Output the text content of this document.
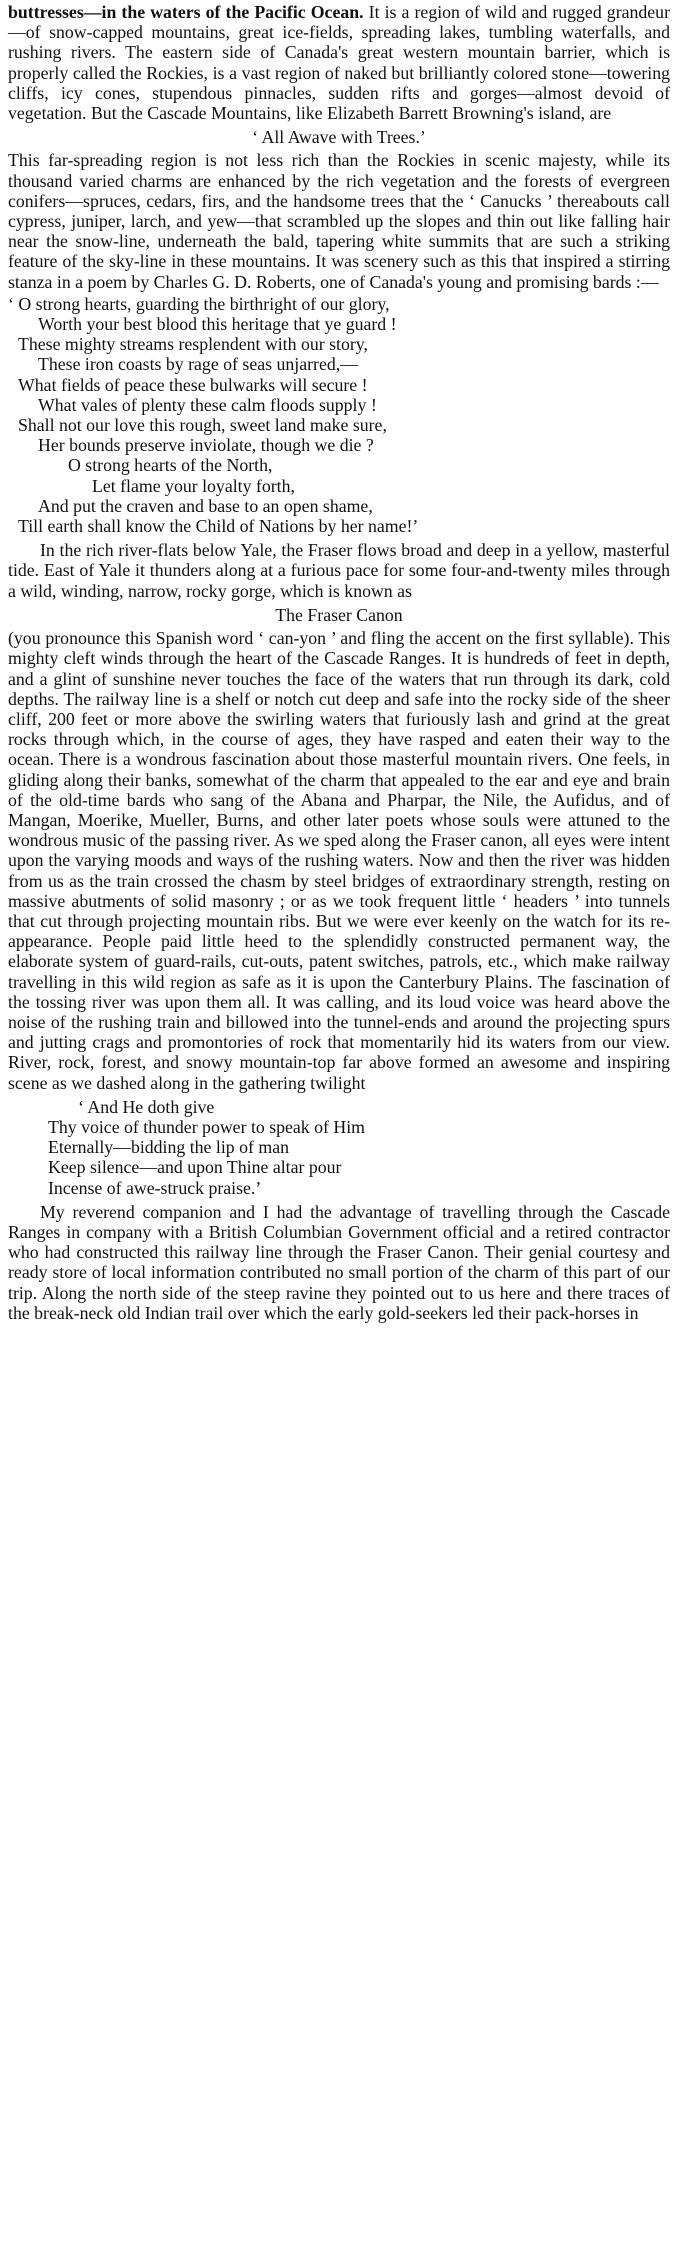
buttresses—in the waters of the Pacific Ocean. It is a region of wild and rugged grandeur—of snow-capped mountains, great ice-fields, spreading lakes, tumbling waterfalls, and rushing rivers. The eastern side of Canada's great western mountain barrier, which is properly called the Rockies, is a vast region of naked but brilliantly colored stone—towering cliffs, icy cones, stupendous pinnacles, sudden rifts and gorges—almost devoid of vegetation. But the Cascade Mountains, like Elizabeth Barrett Browning's island, are

‘ All Awave with Trees.’

This far-spreading region is not less rich than the Rockies in scenic majesty, while its thousand varied charms are enhanced by the rich vegetation and the forests of evergreen conifers—spruces, cedars, firs, and the handsome trees that the ‘ Canucks ’ thereabouts call cypress, juniper, larch, and yew—that scrambled up the slopes and thin out like falling hair near the snow-line, underneath the bald, tapering white summits that are such a striking feature of the sky-line in these mountains. It was scenery such as this that inspired a stirring stanza in a poem by Charles G. D. Roberts, one of Canada's young and promising bards :—

‘ O strong hearts, guarding the birthright of our glory,
Worth your best blood this heritage that ye guard !
These mighty streams resplendent with our story,
These iron coasts by rage of seas unjarred,—
What fields of peace these bulwarks will secure !
What vales of plenty these calm floods supply !
Shall not our love this rough, sweet land make sure,
Her bounds preserve inviolate, though we die ?
O strong hearts of the North,
Let flame your loyalty forth,
And put the craven and base to an open shame,
Till earth shall know the Child of Nations by her name!’

In the rich river-flats below Yale, the Fraser flows broad and deep in a yellow, masterful tide. East of Yale it thunders along at a furious pace for some four-and-twenty miles through a wild, winding, narrow, rocky gorge, which is known as

The Fraser Canon

(you pronounce this Spanish word ‘ can-yon ’ and fling the accent on the first syllable). This mighty cleft winds through the heart of the Cascade Ranges. It is hundreds of feet in depth, and a glint of sunshine never touches the face of the waters that run through its dark, cold depths. The railway line is a shelf or notch cut deep and safe into the rocky side of the sheer cliff, 200 feet or more above the swirling waters that furiously lash and grind at the great rocks through which, in the course of ages, they have rasped and eaten their way to the ocean. There is a wondrous fascination about those masterful mountain rivers. One feels, in gliding along their banks, somewhat of the charm that appealed to the ear and eye and brain of the old-time bards who sang of the Abana and Pharpar, the Nile, the Aufidus, and of Mangan, Moerike, Mueller, Burns, and other later poets whose souls were attuned to the wondrous music of the passing river. As we sped along the Fraser canon, all eyes were intent upon the varying moods and ways of the rushing waters. Now and then the river was hidden from us as the train crossed the chasm by steel bridges of extraordinary strength, resting on massive abutments of solid masonry ; or as we took frequent little ‘ headers ’ into tunnels that cut through projecting mountain ribs. But we were ever keenly on the watch for its re-appearance. People paid little heed to the splendidly constructed permanent way, the elaborate system of guard-rails, cut-outs, patent switches, patrols, etc., which make railway travelling in this wild region as safe as it is upon the Canterbury Plains. The fascination of the tossing river was upon them all. It was calling, and its loud voice was heard above the noise of the rushing train and billowed into the tunnel-ends and around the projecting spurs and jutting crags and promontories of rock that momentarily hid its waters from our view. River, rock, forest, and snowy mountain-top far above formed an awesome and inspiring scene as we dashed along in the gathering twilight

‘ And He doth give
Thy voice of thunder power to speak of Him
Eternally—bidding the lip of man
Keep silence—and upon Thine altar pour
Incense of awe-struck praise.’

My reverend companion and I had the advantage of travelling through the Cascade Ranges in company with a British Columbian Government official and a retired contractor who had constructed this railway line through the Fraser Canon. Their genial courtesy and ready store of local information contributed no small portion of the charm of this part of our trip. Along the north side of the steep ravine they pointed out to us here and there traces of the break-neck old Indian trail over which the early gold-seekers led their pack-horses in
